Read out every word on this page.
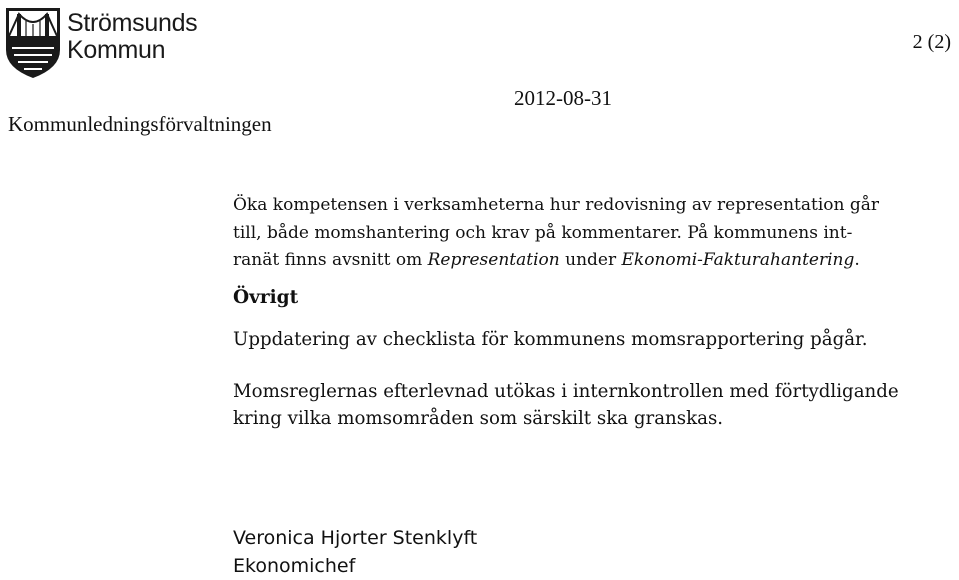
Strömsunds
Kommun	2 (2)
2012-08-31
Kommunledningsförvaltningen

Öka kompetensen i verksamheterna hur redovisning av representation går
till, både momshantering och krav på kommentarer. På kommunens int-
ranät finns avsnitt om Representation under Ekonomi-Fakturahantering.

Övrigt

Uppdatering av checklista för kommunens momsrapportering pågår.

Momsreglernas efterlevnad utökas i internkontrollen med förtydligande
kring vilka momsområden som särskilt ska granskas.

Veronica Hjorter Stenklyft
Ekonomichef
